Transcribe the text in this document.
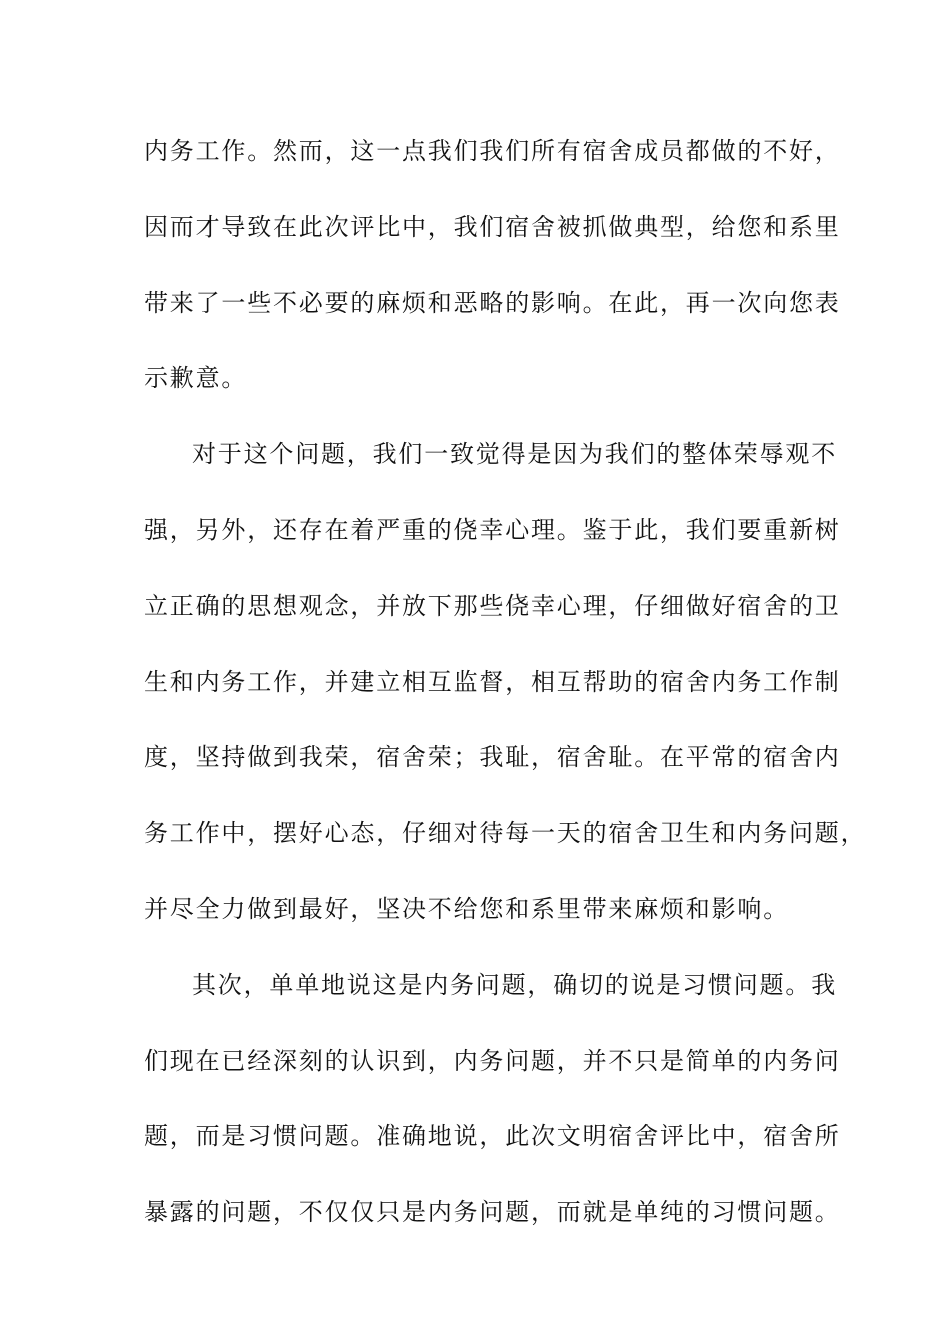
内务工作。然而，这一点我们我们所有宿舍成员都做的不好，
因而才导致在此次评比中，我们宿舍被抓做典型，给您和系里
带来了一些不必要的麻烦和恶略的影响。在此，再一次向您表
示歉意。
对于这个问题，我们一致觉得是因为我们的整体荣辱观不
强，另外，还存在着严重的侥幸心理。鉴于此，我们要重新树
立正确的思想观念，并放下那些侥幸心理，仔细做好宿舍的卫
生和内务工作，并建立相互监督，相互帮助的宿舍内务工作制
度，坚持做到我荣，宿舍荣；我耻，宿舍耻。在平常的宿舍内
务工作中，摆好心态，仔细对待每一天的宿舍卫生和内务问题，
并尽全力做到最好，坚决不给您和系里带来麻烦和影响。
其次，单单地说这是内务问题，确切的说是习惯问题。我
们现在已经深刻的认识到，内务问题，并不只是简单的内务问
题，而是习惯问题。准确地说，此次文明宿舍评比中，宿舍所
暴露的问题，不仅仅只是内务问题，而就是单纯的习惯问题。
